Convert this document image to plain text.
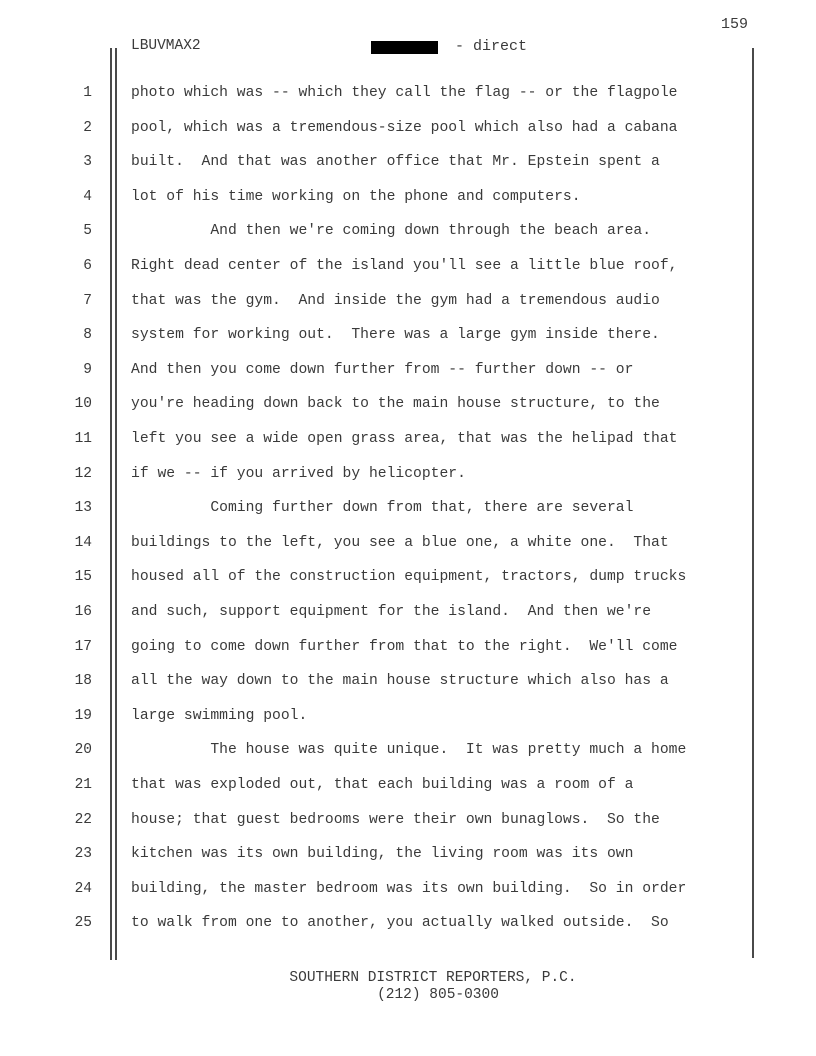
159
LBUVMAX2	- direct
1	photo which was -- which they call the flag -- or the flagpole
2	pool, which was a tremendous-size pool which also had a cabana
3	built.  And that was another office that Mr. Epstein spent a
4	lot of his time working on the phone and computers.
5	And then we're coming down through the beach area.
6	Right dead center of the island you'll see a little blue roof,
7	that was the gym.  And inside the gym had a tremendous audio
8	system for working out.  There was a large gym inside there.
9	And then you come down further from -- further down -- or
10	you're heading down back to the main house structure, to the
11	left you see a wide open grass area, that was the helipad that
12	if we -- if you arrived by helicopter.
13	Coming further down from that, there are several
14	buildings to the left, you see a blue one, a white one.  That
15	housed all of the construction equipment, tractors, dump trucks
16	and such, support equipment for the island.  And then we're
17	going to come down further from that to the right.  We'll come
18	all the way down to the main house structure which also has a
19	large swimming pool.
20	The house was quite unique.  It was pretty much a home
21	that was exploded out, that each building was a room of a
22	house; that guest bedrooms were their own bunaglows.  So the
23	kitchen was its own building, the living room was its own
24	building, the master bedroom was its own building.  So in order
25	to walk from one to another, you actually walked outside.  So
SOUTHERN DISTRICT REPORTERS, P.C.
(212) 805-0300
